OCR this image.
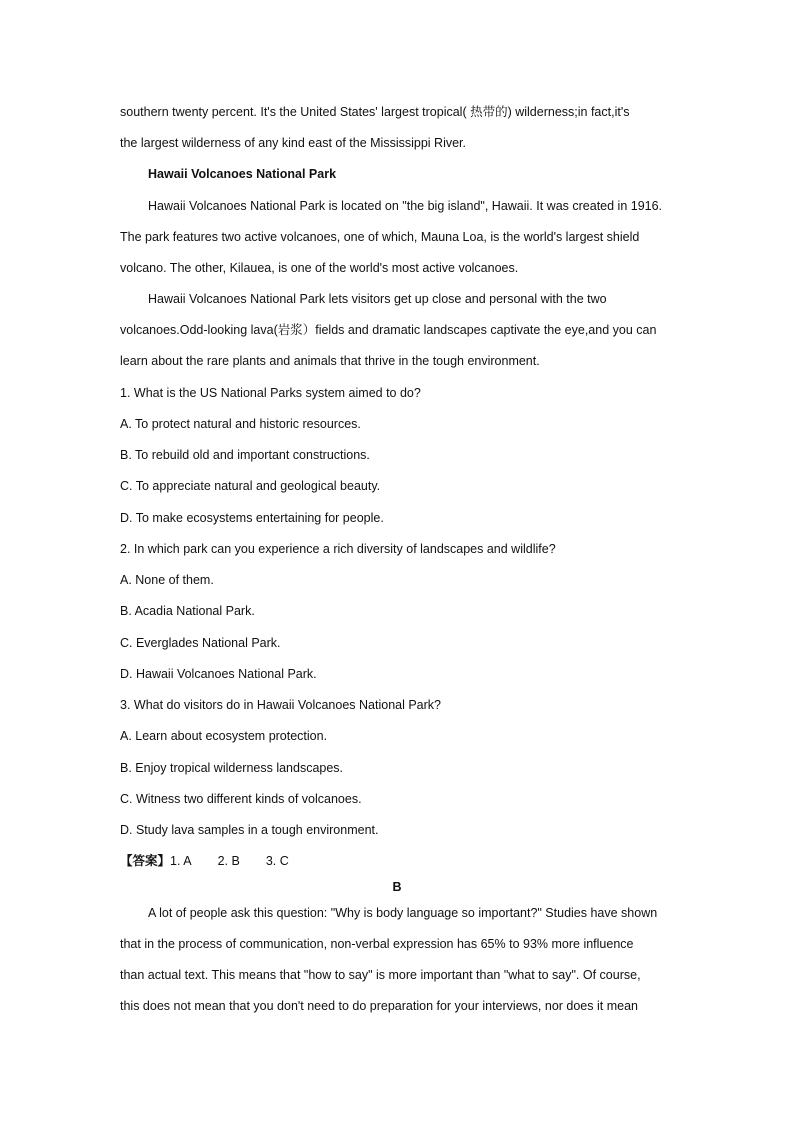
southern twenty percent. It's the United States' largest tropical( 热带的) wilderness;in fact,it's
the largest wilderness of any kind east of the Mississippi River.
Hawaii Volcanoes National Park
Hawaii Volcanoes National Park is located on "the big island", Hawaii. It was created in 1916.
The park features two active volcanoes, one of which, Mauna Loa, is the world's largest shield
volcano. The other, Kilauea, is one of the world's most active volcanoes.
Hawaii Volcanoes National Park lets visitors get up close and personal with the two
volcanoes.Odd-looking lava(岩浆）fields and dramatic landscapes captivate the eye,and you can
learn about the rare plants and animals that thrive in the tough environment.
1. What is the US National Parks system aimed to do?
A. To protect natural and historic resources.
B. To rebuild old and important constructions.
C. To appreciate natural and geological beauty.
D. To make ecosystems entertaining for people.
2. In which park can you experience a rich diversity of landscapes and wildlife?
A. None of them.
B. Acadia National Park.
C. Everglades National Park.
D. Hawaii Volcanoes National Park.
3. What do visitors do in Hawaii Volcanoes National Park?
A. Learn about ecosystem protection.
B. Enjoy tropical wilderness landscapes.
C. Witness two different kinds of volcanoes.
D. Study lava samples in a tough environment.
【答案】1. A 2. B 3. C
B
A lot of people ask this question: "Why is body language so important?" Studies have shown
that in the process of communication, non-verbal expression has 65% to 93% more influence
than actual text. This means that "how to say" is more important than "what to say". Of course,
this does not mean that you don't need to do preparation for your interviews, nor does it mean
